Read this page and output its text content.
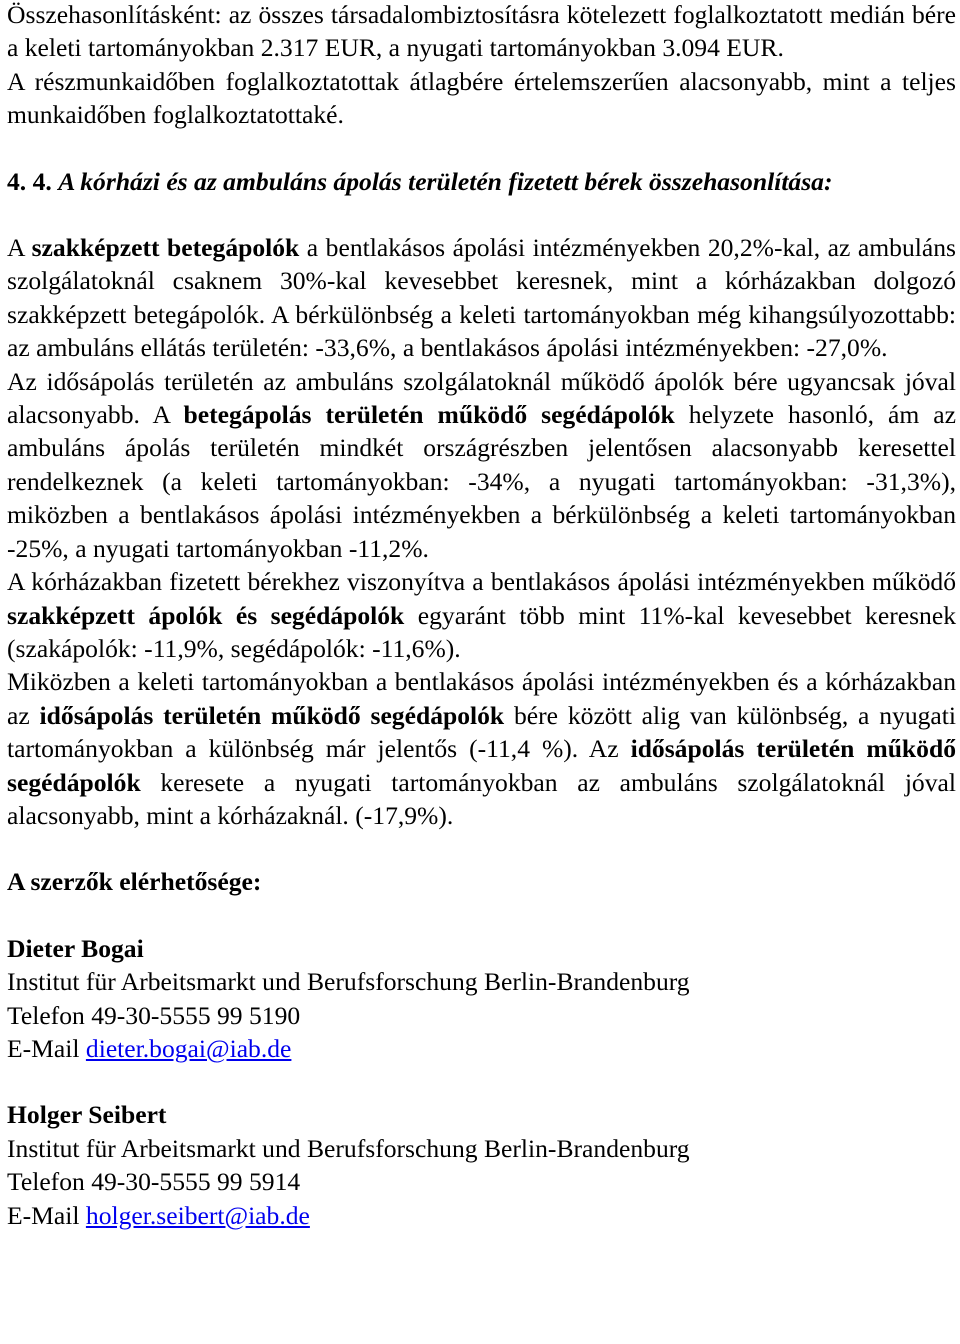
Összehasonlításként: az összes társadalombiztosításra kötelezett foglalkoztatott medián bére a keleti tartományokban 2.317 EUR, a nyugati tartományokban 3.094 EUR.

A részmunkaidőben foglalkoztatottak átlagbére értelemszerűen alacsonyabb, mint a teljes munkaidőben foglalkoztatottaké.

4. 4. A kórházi és az ambuláns ápolás területén fizetett bérek összehasonlítása:

A szakképzett betegápolók a bentlakásos ápolási intézményekben 20,2%-kal, az ambuláns szolgálatoknál csaknem 30%-kal kevesebbet keresnek, mint a kórházakban dolgozó szakképzett betegápolók. A bérkülönbség a keleti tartományokban még kihangsúlyozottabb: az ambuláns ellátás területén: -33,6%, a bentlakásos ápolási intézményekben: -27,0%.

Az idősápolás területén az ambuláns szolgálatoknál működő ápolók bére ugyancsak jóval alacsonyabb. A betegápolás területén működő segédápolók helyzete hasonló, ám az ambuláns ápolás területén mindkét országrészben jelentősen alacsonyabb keresettel rendelkeznek (a keleti tartományokban: -34%, a nyugati tartományokban: -31,3%), miközben a bentlakásos ápolási intézményekben a bérkülönbség a keleti tartományokban -25%, a nyugati tartományokban -11,2%.

A kórházakban fizetett bérekhez viszonyítva a bentlakásos ápolási intézményekben működő szakképzett ápolók és segédápolók egyaránt több mint 11%-kal kevesebbet keresnek (szakápolók: -11,9%, segédápolók: -11,6%).

Miközben a keleti tartományokban a bentlakásos ápolási intézményekben és a kórházakban az idősápolás területén működő segédápolók bére között alig van különbség, a nyugati tartományokban a különbség már jelentős (-11,4 %). Az idősápolás területén működő segédápolók keresete a nyugati tartományokban az ambuláns szolgálatoknál jóval alacsonyabb, mint a kórházaknál. (-17,9%).

A szerzők elérhetősége:

Dieter Bogai

Institut für Arbeitsmarkt und Berufsforschung Berlin-Brandenburg

Telefon 49-30-5555 99 5190

E-Mail dieter.bogai@iab.de

Holger Seibert

Institut für Arbeitsmarkt und Berufsforschung Berlin-Brandenburg

Telefon 49-30-5555 99 5914

E-Mail holger.seibert@iab.de
